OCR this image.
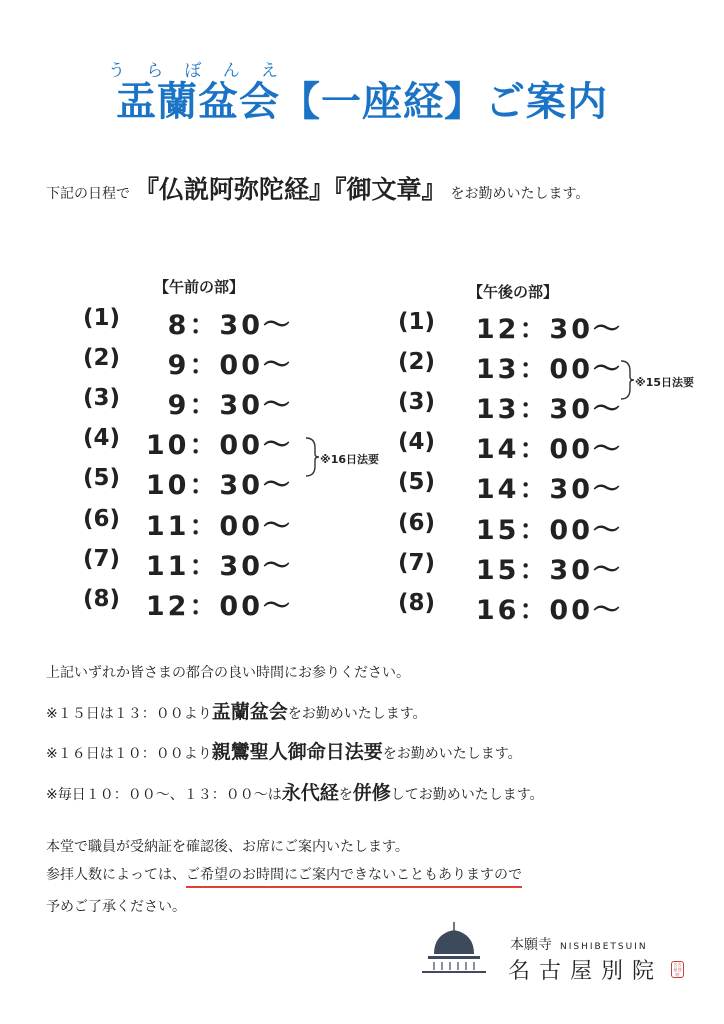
う ら ぼ ん え
盂蘭盆会【一座経】ご案内
下記の日程で 『仏説阿弥陀経』『御文章』 をお勤めいたします。
【午前の部】
(1)	8：30～
(2)	9：00～
(3)	9：30～
(4) 10：00～
(5) 10：30～
(6) 11：00～
(7) 11：30～
(8) 12：00～
※16日法要
【午後の部】
(1)	12：30～
(2)	13：00～
(3)	13：30～
(4)	14：00～
(5)	14：30～
(6)	15：00～
(7)	15：30～
(8)	16：00～
※15日法要
上記いずれか皆さまの都合の良い時間にお参りください。
※１５日は１３：００より盂蘭盆会をお勤めいたします。
※１６日は１０：００より親鸞聖人御命日法要をお勤めいたします。
※毎日１０：００～、１３：００～は永代経を併修してお勤めいたします。
本堂で職員が受納証を確認後、お席にご案内いたします。
参拝人数によっては、ご希望のお時間にご案内できないこともありますので
予めご了承ください。
本願寺 NISHIBETSUIN
名古屋別院	名古屋別院
